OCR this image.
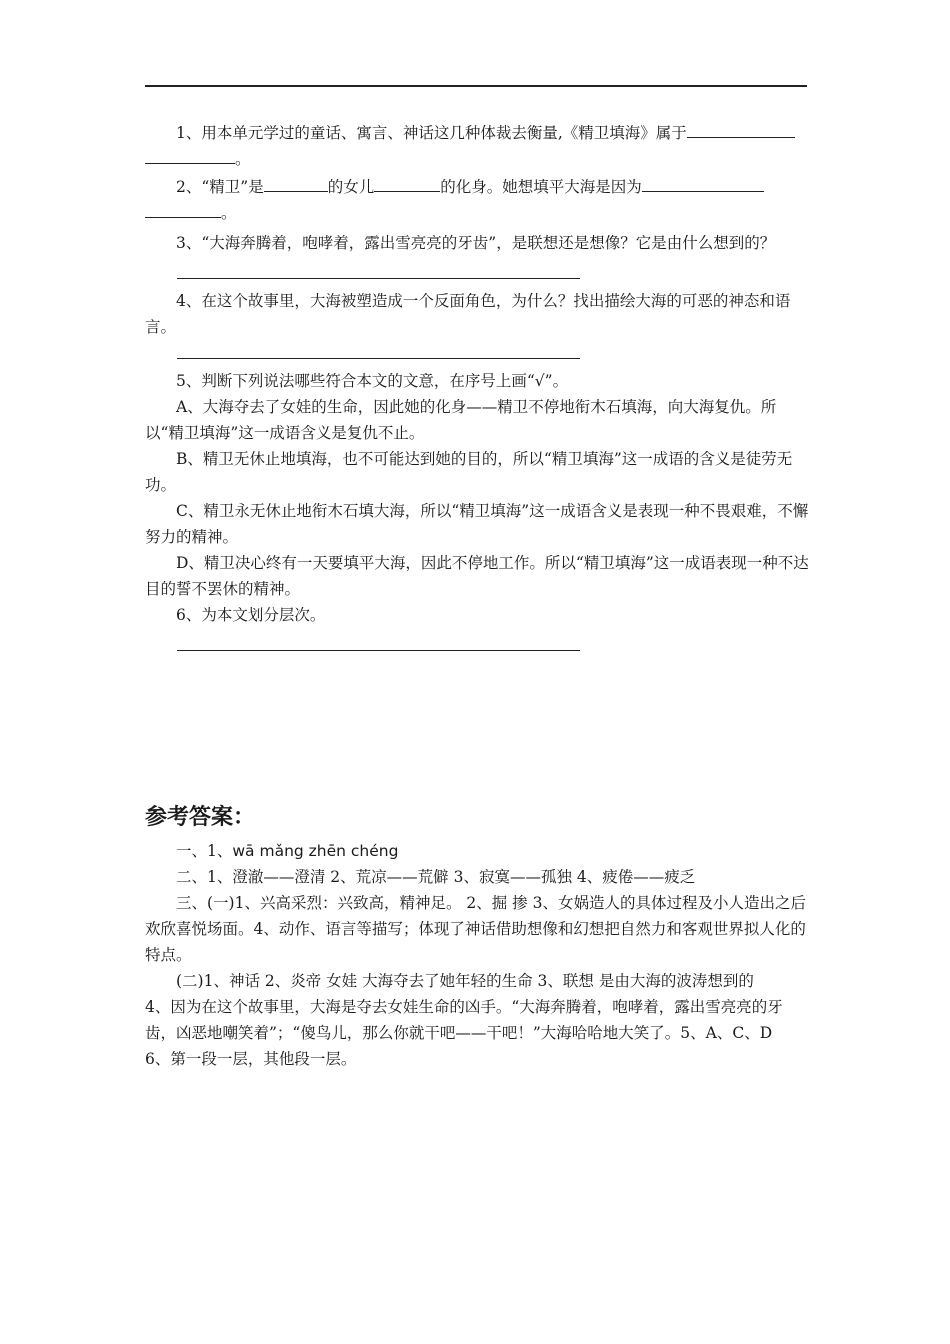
1、用本单元学过的童话、寓言、神话这几种体裁去衡量,《精卫填海》属于

。

2、“精卫”是	的女儿	的化身。她想填平大海是因为

。

3、“大海奔腾着，咆哮着，露出雪亮亮的牙齿”，是联想还是想像？它是由什么想到的？

4、在这个故事里，大海被塑造成一个反面角色，为什么？找出描绘大海的可恶的神态和语言。

5、判断下列说法哪些符合本文的文意，在序号上画“√”。

A、大海夺去了女娃的生命，因此她的化身——精卫不停地衔木石填海，向大海复仇。所以“精卫填海”这一成语含义是复仇不止。

B、精卫无休止地填海，也不可能达到她的目的，所以“精卫填海”这一成语的含义是徒劳无功。

C、精卫永无休止地衔木石填大海，所以“精卫填海”这一成语含义是表现一种不畏艰难，不懈努力的精神。

D、精卫决心终有一天要填平大海，因此不停地工作。所以“精卫填海”这一成语表现一种不达目的誓不罢休的精神。

6、为本文划分层次。

参考答案：

一、1、wā mǎng zhēn chéng

二、1、澄澈——澄清 2、荒凉——荒僻 3、寂寞——孤独 4、疲倦——疲乏

三、(一)1、兴高采烈：兴致高，精神足。 2、掘 掺 3、女娲造人的具体过程及小人造出之后欢欣喜悦场面。4、动作、语言等描写；体现了神话借助想像和幻想把自然力和客观世界拟人化的特点。

(二)1、神话 2、炎帝 女娃 大海夺去了她年轻的生命 3、联想 是由大海的波涛想到的

4、因为在这个故事里，大海是夺去女娃生命的凶手。“大海奔腾着，咆哮着，露出雪亮亮的牙齿，凶恶地嘲笑着”；“傻鸟儿，那么你就干吧——干吧！”大海哈哈地大笑了。5、A、C、D

6、第一段一层，其他段一层。
